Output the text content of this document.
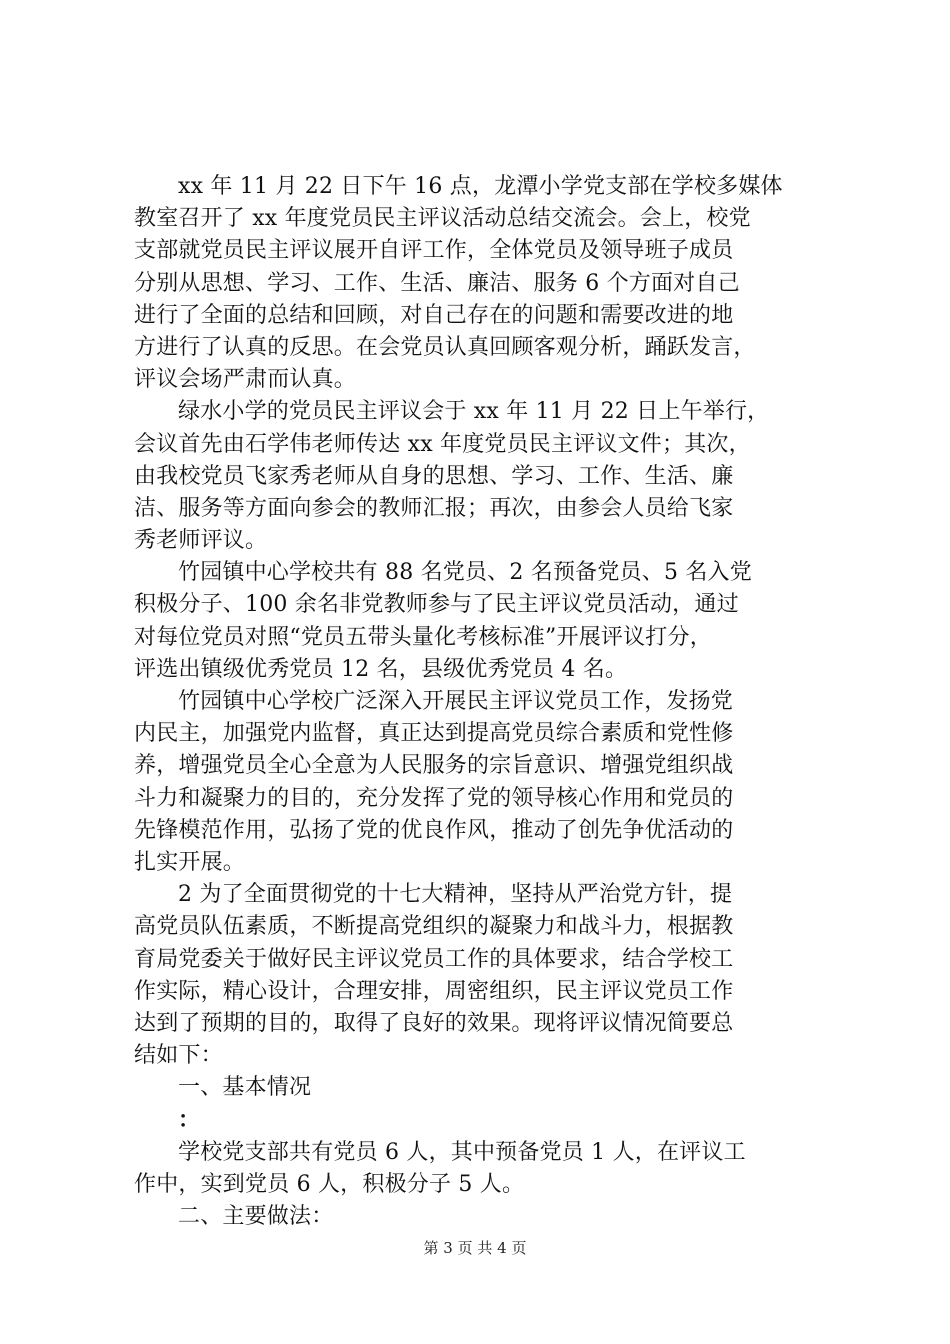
xx 年 11 月 22 日下午 16 点，龙潭小学党支部在学校多媒体
教室召开了 xx 年度党员民主评议活动总结交流会。会上，校党
支部就党员民主评议展开自评工作，全体党员及领导班子成员
分别从思想、学习、工作、生活、廉洁、服务 6 个方面对自己
进行了全面的总结和回顾，对自己存在的问题和需要改进的地
方进行了认真的反思。在会党员认真回顾客观分析，踊跃发言，
评议会场严肃而认真。
绿水小学的党员民主评议会于 xx 年 11 月 22 日上午举行，
会议首先由石学伟老师传达 xx 年度党员民主评议文件；其次，
由我校党员飞家秀老师从自身的思想、学习、工作、生活、廉
洁、服务等方面向参会的教师汇报；再次，由参会人员给飞家
秀老师评议。
竹园镇中心学校共有 88 名党员、2 名预备党员、5 名入党
积极分子、100 余名非党教师参与了民主评议党员活动，通过
对每位党员对照“党员五带头量化考核标准”开展评议打分，
评选出镇级优秀党员 12 名，县级优秀党员 4 名。
竹园镇中心学校广泛深入开展民主评议党员工作，发扬党
内民主，加强党内监督，真正达到提高党员综合素质和党性修
养，增强党员全心全意为人民服务的宗旨意识、增强党组织战
斗力和凝聚力的目的，充分发挥了党的领导核心作用和党员的
先锋模范作用，弘扬了党的优良作风，推动了创先争优活动的
扎实开展。
2 为了全面贯彻党的十七大精神，坚持从严治党方针，提
高党员队伍素质，不断提高党组织的凝聚力和战斗力，根据教
育局党委关于做好民主评议党员工作的具体要求，结合学校工
作实际，精心设计，合理安排，周密组织，民主评议党员工作
达到了预期的目的，取得了良好的效果。现将评议情况简要总
结如下：
一、基本情况
：
学校党支部共有党员 6 人，其中预备党员 1 人，在评议工
作中，实到党员 6 人，积极分子 5 人。
二、主要做法：
第 3 页 共 4 页
